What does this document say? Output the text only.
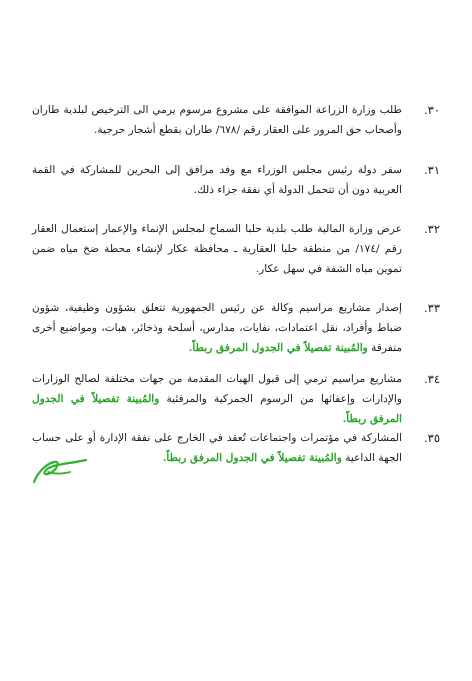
٣٠.
طلب وزارة الزراعة الموافقة على مشروع مرسوم يرمي الى الترخيص لبلدية طاران وأصحاب حق المرور على العقار رقم /٦٧٨/ طاران بقطع أشجار حرجية.
٣١.
سفر دولة رئيس مجلس الوزراء مع وفد مرافق إلى البحرين للمشاركة في القمة العربية دون أن تتحمل الدولة أي نفقة جزاء ذلك.
٣٢.
عرض وزارة المالية طلب بلدية حلبا السماح لمجلس الإنماء والإعمار إستعمال العقار رقم /١٧٤/ من منطقة حلبا العقارية ـ محافظة عكار لإنشاء محطة ضخ مياه ضمن تموين مياه الشفة في سهل عكار.
٣٣.
إصدار مشاريع مراسيم وكالة عن رئيس الجمهورية تتعلق بشؤون وظيفية، شؤون ضباط وأفراد، نقل اعتمادات، نفايات، مدارس، أسلحة وذخائر، هبات، ومواضيع أخرى متفرقة والمُبينة تفصيلاً في الجدول المرفق ربطاً.
٣٤.
مشاريع مراسيم ترمي إلى قبول الهبات المقدمة من جهات مختلفة لصالح الوزارات والإدارات وإعفائها من الرسوم الجمركية والمرفئية والمُبينة تفصيلاً في الجدول المرفق ربطاً.
٣٥.
المشاركة في مؤتمرات واجتماعات تُعقد في الخارج على نفقة الإدارة أو على حساب الجهة الداعية والمُبينة تفصيلاً في الجدول المرفق ربطاً.
